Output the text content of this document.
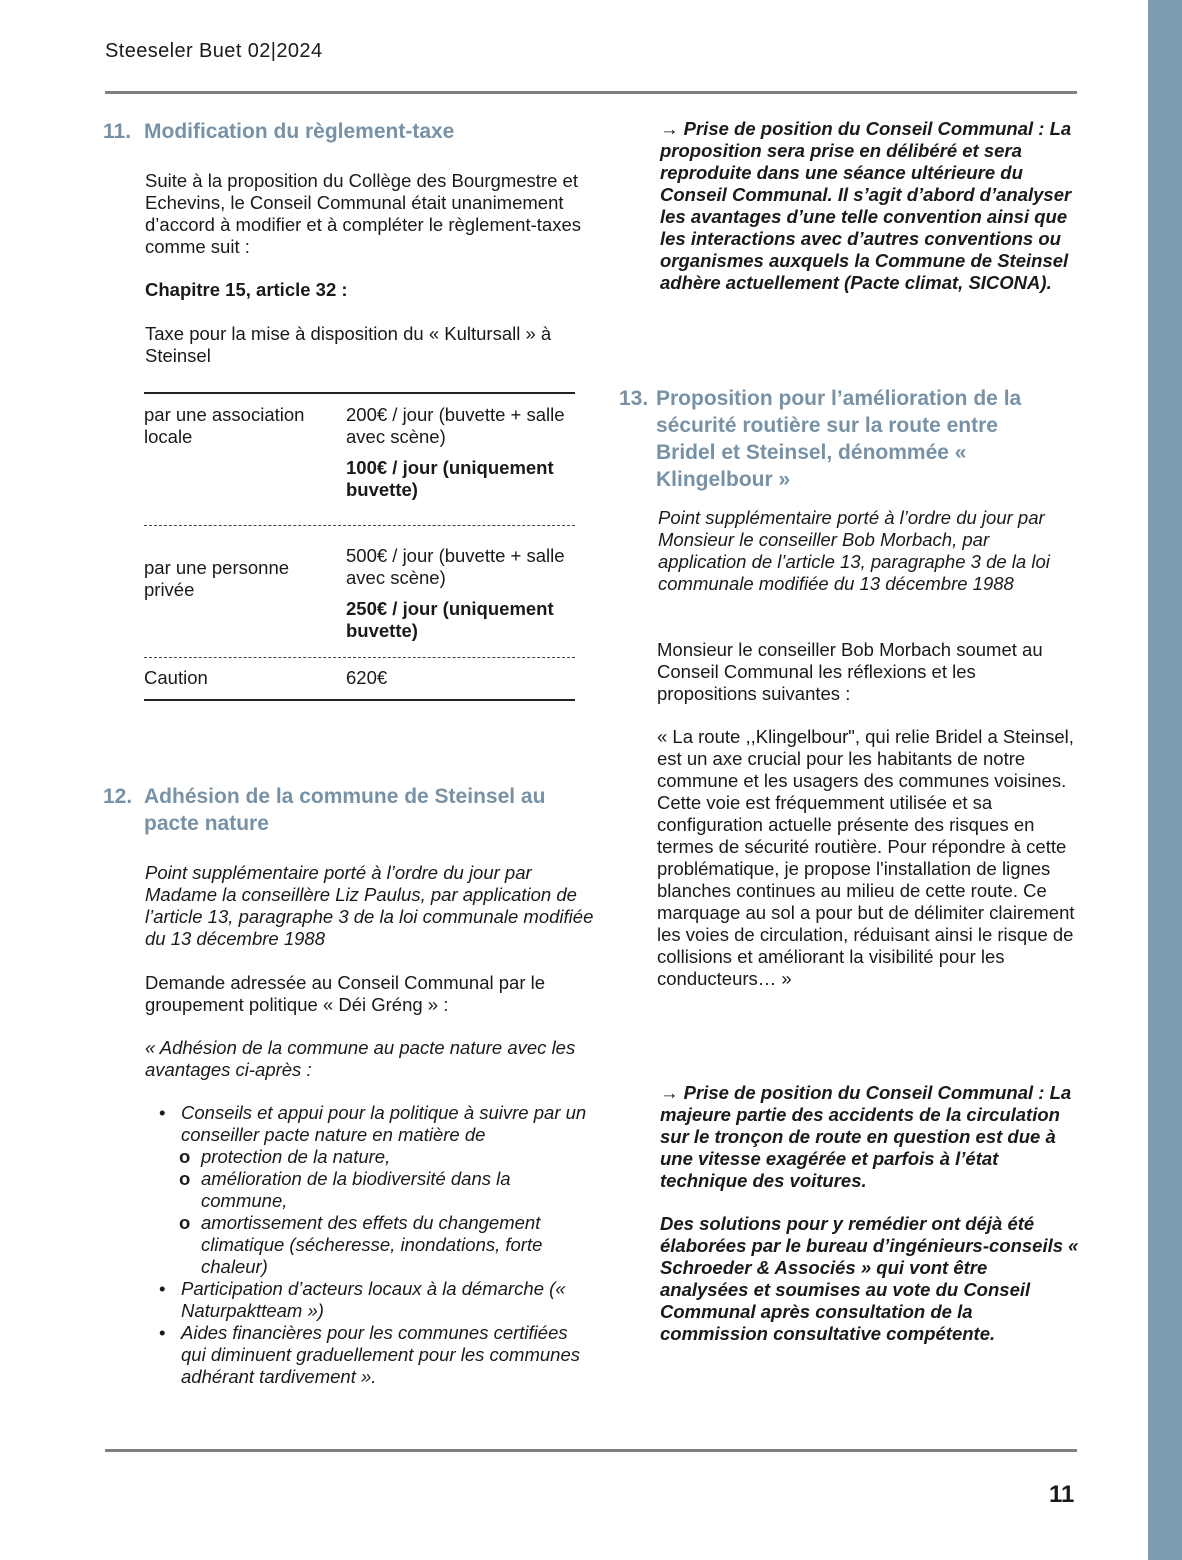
Steeseler Buet 02|2024
11. Modification du règlement-taxe

Suite à la proposition du Collège des Bourgmestre et Echevins, le Conseil Communal était unanimement d’accord à modifier et à compléter le règlement-taxes comme suit :

Chapitre 15, article 32 :

Taxe pour la mise à disposition du « Kultursall » à Steinsel

par une association locale

200€ / jour (buvette + salle avec scène)

100€ / jour (uniquement buvette)

par une personne privée

500€ / jour (buvette + salle avec scène)

250€ / jour (uniquement buvette)

Caution	620€

12. Adhésion de la commune de Steinsel au pacte nature

Point supplémentaire porté à l’ordre du jour par Madame la conseillère Liz Paulus, par application de l’article 13, paragraphe 3 de la loi communale modifiée du 13 décembre 1988

Demande adressée au Conseil Communal par le groupement politique « Déi Gréng » :

« Adhésion de la commune au pacte nature avec les avantages ci-après :

• Conseils et appui pour la politique à suivre par un conseiller pacte nature en matière de
o protection de la nature,
o amélioration de la biodiversité dans la commune,
o amortissement des effets du changement climatique (sécheresse, inondations, forte chaleur)
• Participation d’acteurs locaux à la démarche (« Naturpaktteam »)
• Aides financières pour les communes certifiées qui diminuent graduellement pour les communes adhérant tardivement ».

→ Prise de position du Conseil Communal : La proposition sera prise en délibéré et sera reproduite dans une séance ultérieure du Conseil Communal. Il s’agit d’abord d’analyser les avantages d’une telle convention ainsi que les interactions avec d’autres conventions ou organismes auxquels la Commune de Steinsel adhère actuellement (Pacte climat, SICONA).

13. Proposition pour l’amélioration de la sécurité routière sur la route entre Bridel et Steinsel, dénommée « Klingelbour »

Point supplémentaire porté à l’ordre du jour par Monsieur le conseiller Bob Morbach, par application de l’article 13, paragraphe 3 de la loi communale modifiée du 13 décembre 1988

Monsieur le conseiller Bob Morbach soumet au Conseil Communal les réflexions et les propositions suivantes :

« La route ,,Klingelbour", qui relie Bridel a Steinsel, est un axe crucial pour les habitants de notre commune et les usagers des communes voisines. Cette voie est fréquemment utilisée et sa configuration actuelle présente des risques en termes de sécurité routière. Pour répondre à cette problématique, je propose l'installation de lignes blanches continues au milieu de cette route. Ce marquage au sol a pour but de délimiter clairement les voies de circulation, réduisant ainsi le risque de collisions et améliorant la visibilité pour les conducteurs… »

→ Prise de position du Conseil Communal : La majeure partie des accidents de la circulation sur le tronçon de route en question est due à une vitesse exagérée et parfois à l’état technique des voitures.

Des solutions pour y remédier ont déjà été élaborées par le bureau d’ingénieurs-conseils « Schroeder & Associés » qui vont être analysées et soumises au vote du Conseil Communal après consultation de la commission consultative compétente.

11
